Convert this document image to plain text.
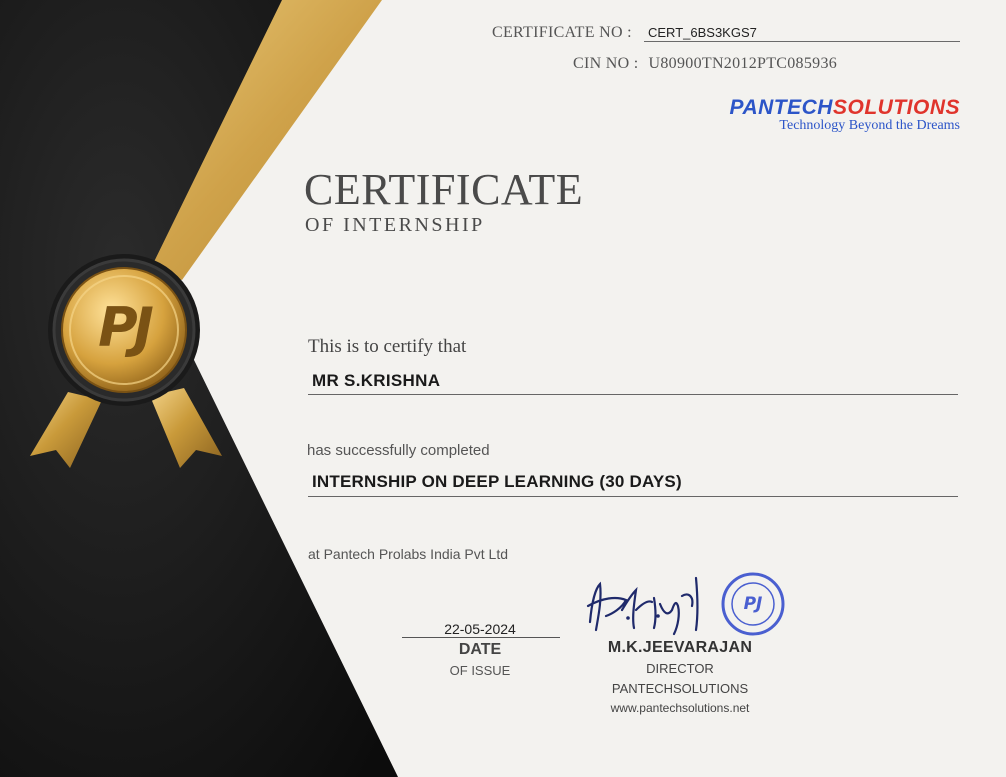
PJ
CERTIFICATE NO : CERT_6BS3KGS7
CIN NO : U80900TN2012PTC085936
PANTECHSOLUTIONS
Technology Beyond the Dreams
CERTIFICATE
OF INTERNSHIP
This is to certify that
MR S.KRISHNA
has successfully completed
INTERNSHIP ON DEEP LEARNING (30 DAYS)
at Pantech Prolabs India Pvt Ltd
22-05-2024
DATE
OF ISSUE
PJ
M.K.JEEVARAJAN
DIRECTOR
PANTECHSOLUTIONS
www.pantechsolutions.net
